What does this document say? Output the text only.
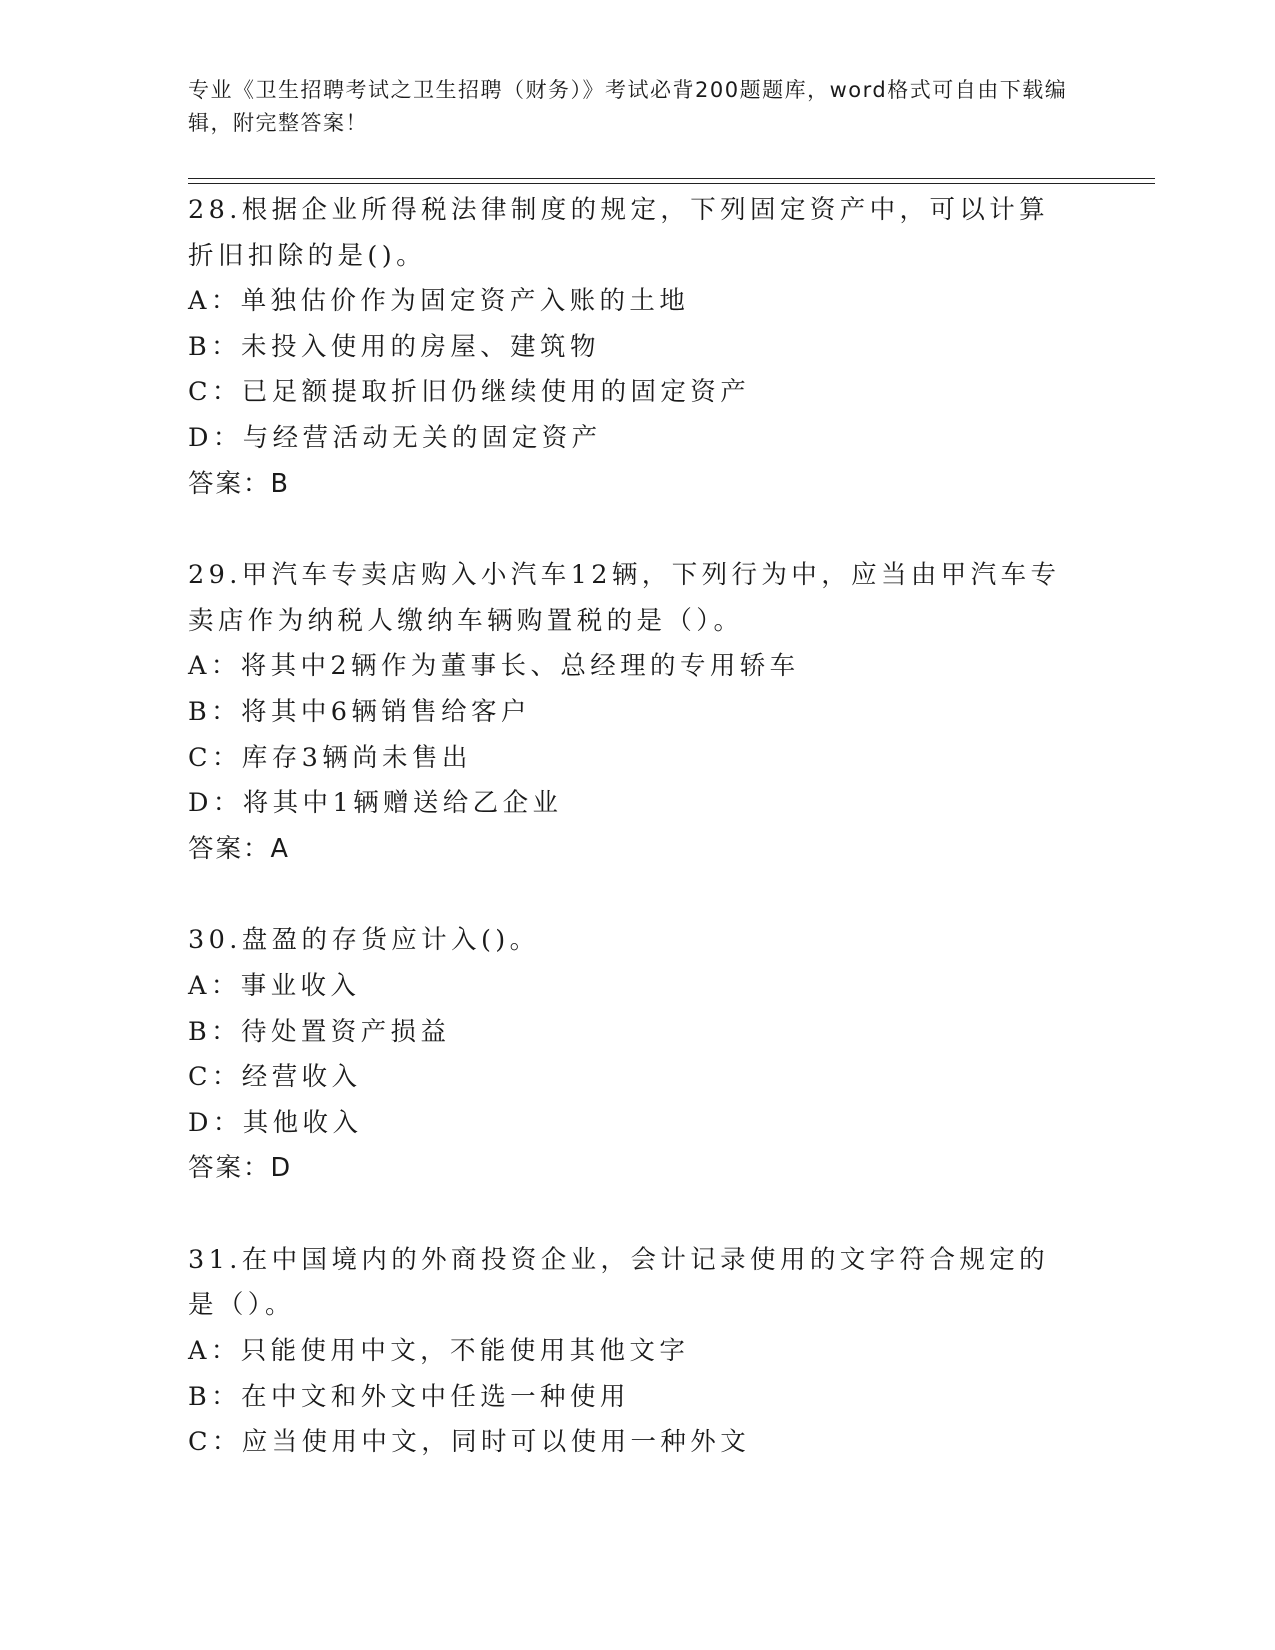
专业《卫生招聘考试之卫生招聘（财务）》考试必背200题题库，word格式可自由下载编辑，附完整答案！
28.根据企业所得税法律制度的规定，下列固定资产中，可以计算折旧扣除的是()。
A：单独估价作为固定资产入账的土地
B：未投入使用的房屋、建筑物
C：已足额提取折旧仍继续使用的固定资产
D：与经营活动无关的固定资产
答案：B
29.甲汽车专卖店购入小汽车12辆，下列行为中，应当由甲汽车专卖店作为纳税人缴纳车辆购置税的是（）。
A：将其中2辆作为董事长、总经理的专用轿车
B：将其中6辆销售给客户
C：库存3辆尚未售出
D：将其中1辆赠送给乙企业
答案：A
30.盘盈的存货应计入()。
A：事业收入
B：待处置资产损益
C：经营收入
D：其他收入
答案：D
31.在中国境内的外商投资企业，会计记录使用的文字符合规定的是（）。
A：只能使用中文，不能使用其他文字
B：在中文和外文中任选一种使用
C：应当使用中文，同时可以使用一种外文
